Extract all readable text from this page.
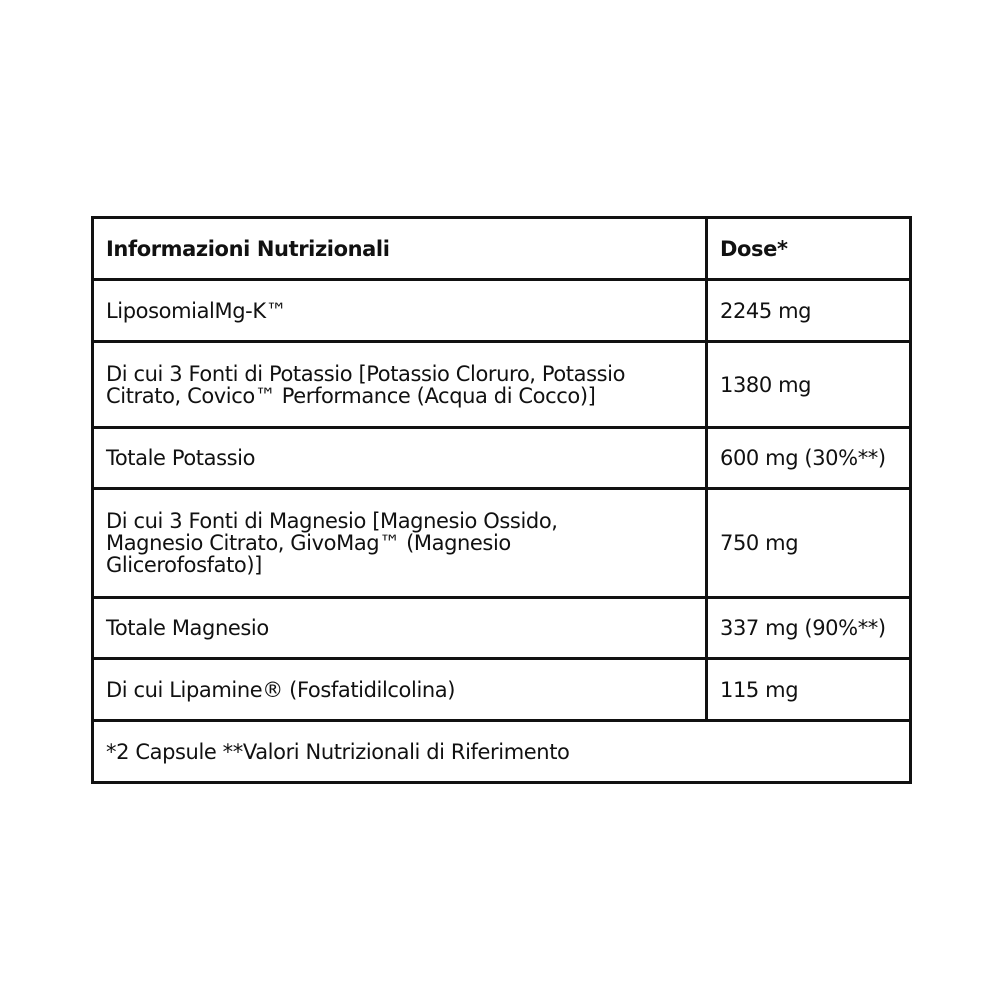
Informazioni Nutrizionali	Dose*
LiposomialMg-K™	2245 mg
Di cui 3 Fonti di Potassio [Potassio Cloruro, Potassio Citrato, Covico™ Performance (Acqua di Cocco)]	1380 mg
Totale Potassio	600 mg (30%**)
Di cui 3 Fonti di Magnesio [Magnesio Ossido, Magnesio Citrato, GivoMag™ (Magnesio Glicerofosfato)]	750 mg
Totale Magnesio	337 mg (90%**)
Di cui Lipamine® (Fosfatidilcolina)	115 mg
*2 Capsule **Valori Nutrizionali di Riferimento	
